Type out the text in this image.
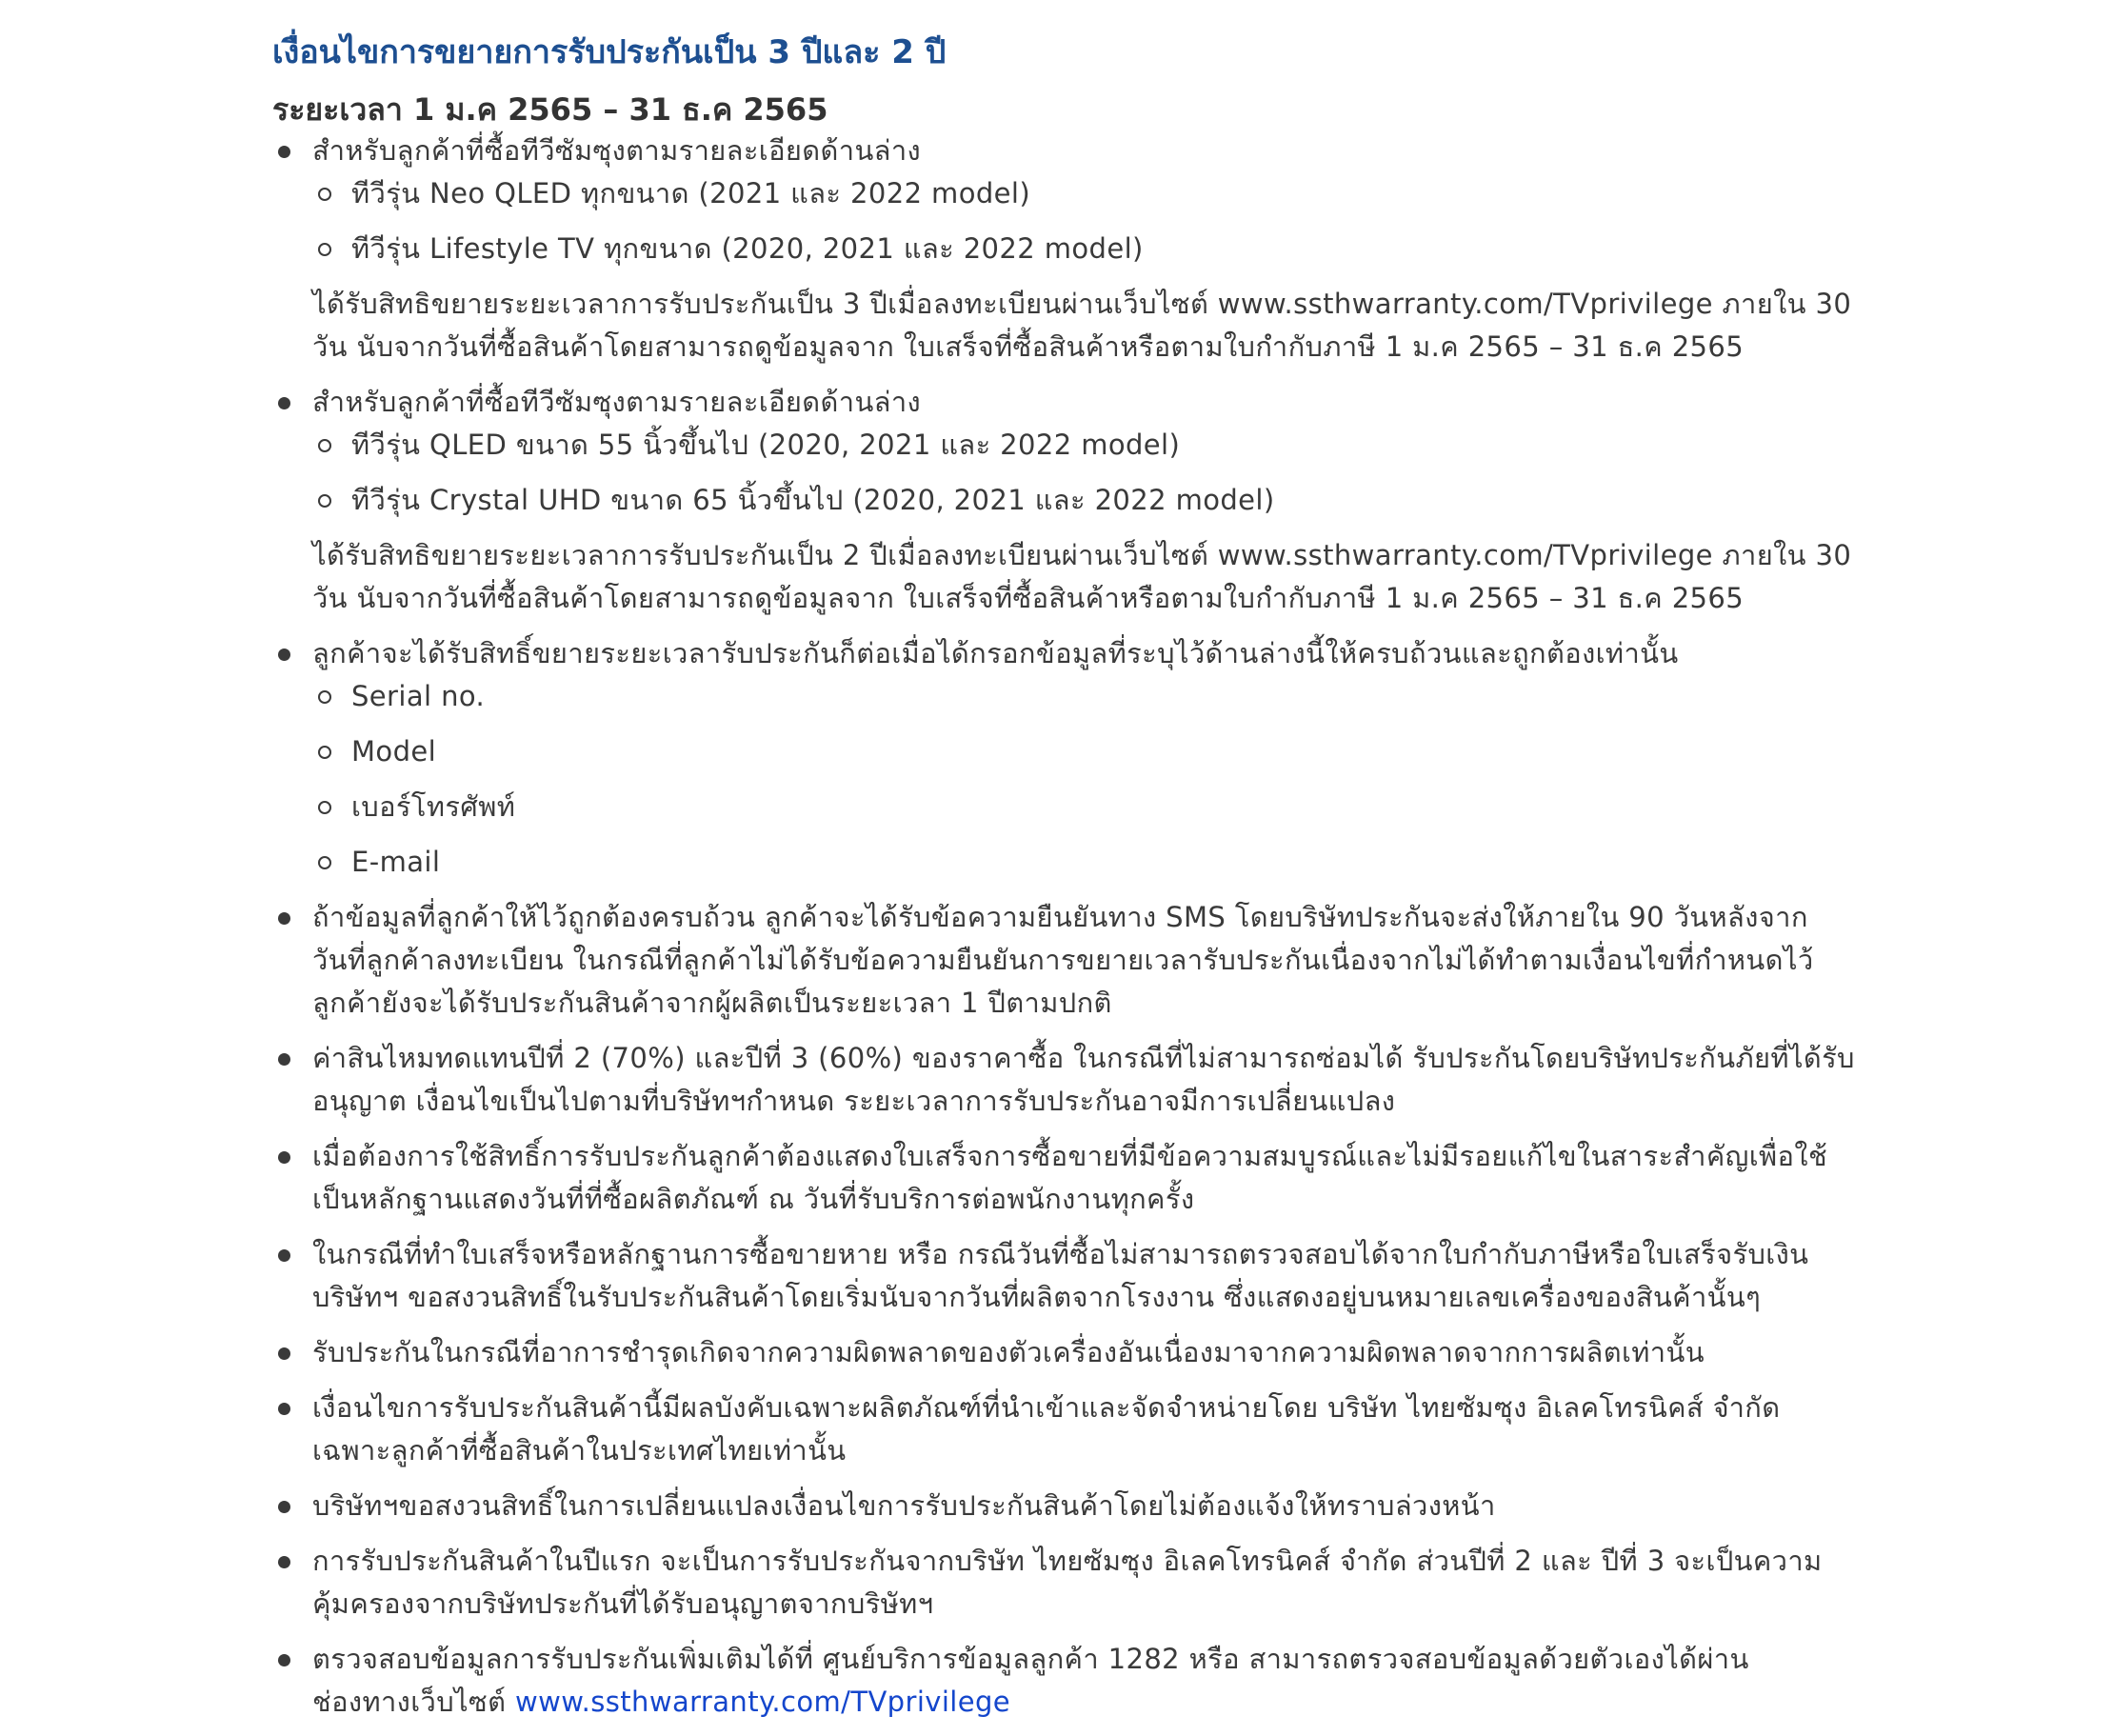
เงื่อนไขการขยายการรับประกันเป็น 3 ปีและ 2 ปี
ระยะเวลา 1 ม.ค 2565 – 31 ธ.ค 2565
สำหรับลูกค้าที่ซื้อทีวีซัมซุงตามรายละเอียดด้านล่าง
ทีวีรุ่น Neo QLED ทุกขนาด (2021 และ 2022 model)
ทีวีรุ่น Lifestyle TV ทุกขนาด (2020, 2021 และ 2022 model)
ได้รับสิทธิขยายระยะเวลาการรับประกันเป็น 3 ปีเมื่อลงทะเบียนผ่านเว็บไซต์ www.ssthwarranty.com/TVprivilege ภายใน 30
วัน นับจากวันที่ซื้อสินค้าโดยสามารถดูข้อมูลจาก ใบเสร็จที่ซื้อสินค้าหรือตามใบกำกับภาษี 1 ม.ค 2565 – 31 ธ.ค 2565
สำหรับลูกค้าที่ซื้อทีวีซัมซุงตามรายละเอียดด้านล่าง
ทีวีรุ่น QLED ขนาด 55 นิ้วขึ้นไป (2020, 2021 และ 2022 model)
ทีวีรุ่น Crystal UHD ขนาด 65 นิ้วขึ้นไป (2020, 2021 และ 2022 model)
ได้รับสิทธิขยายระยะเวลาการรับประกันเป็น 2 ปีเมื่อลงทะเบียนผ่านเว็บไซต์ www.ssthwarranty.com/TVprivilege ภายใน 30
วัน นับจากวันที่ซื้อสินค้าโดยสามารถดูข้อมูลจาก ใบเสร็จที่ซื้อสินค้าหรือตามใบกำกับภาษี 1 ม.ค 2565 – 31 ธ.ค 2565
ลูกค้าจะได้รับสิทธิ์ขยายระยะเวลารับประกันก็ต่อเมื่อได้กรอกข้อมูลที่ระบุไว้ด้านล่างนี้ให้ครบถ้วนและถูกต้องเท่านั้น
Serial no.
Model
เบอร์โทรศัพท์
E-mail
ถ้าข้อมูลที่ลูกค้าให้ไว้ถูกต้องครบถ้วน ลูกค้าจะได้รับข้อความยืนยันทาง SMS โดยบริษัทประกันจะส่งให้ภายใน 90 วันหลังจาก
วันที่ลูกค้าลงทะเบียน ในกรณีที่ลูกค้าไม่ได้รับข้อความยืนยันการขยายเวลารับประกันเนื่องจากไม่ได้ทำตามเงื่อนไขที่กำหนดไว้
ลูกค้ายังจะได้รับประกันสินค้าจากผู้ผลิตเป็นระยะเวลา 1 ปีตามปกติ
ค่าสินไหมทดแทนปีที่ 2 (70%) และปีที่ 3 (60%) ของราคาซื้อ ในกรณีที่ไม่สามารถซ่อมได้ รับประกันโดยบริษัทประกันภัยที่ได้รับ
อนุญาต เงื่อนไขเป็นไปตามที่บริษัทฯกำหนด ระยะเวลาการรับประกันอาจมีการเปลี่ยนแปลง
เมื่อต้องการใช้สิทธิ์การรับประกันลูกค้าต้องแสดงใบเสร็จการซื้อขายที่มีข้อความสมบูรณ์และไม่มีรอยแก้ไขในสาระสำคัญเพื่อใช้
เป็นหลักฐานแสดงวันที่ที่ซื้อผลิตภัณฑ์ ณ วันที่รับบริการต่อพนักงานทุกครั้ง
ในกรณีที่ทำใบเสร็จหรือหลักฐานการซื้อขายหาย หรือ กรณีวันที่ซื้อไม่สามารถตรวจสอบได้จากใบกำกับภาษีหรือใบเสร็จรับเงิน
บริษัทฯ ขอสงวนสิทธิ์ในรับประกันสินค้าโดยเริ่มนับจากวันที่ผลิตจากโรงงาน ซึ่งแสดงอยู่บนหมายเลขเครื่องของสินค้านั้นๆ
รับประกันในกรณีที่อาการชำรุดเกิดจากความผิดพลาดของตัวเครื่องอันเนื่องมาจากความผิดพลาดจากการผลิตเท่านั้น
เงื่อนไขการรับประกันสินค้านี้มีผลบังคับเฉพาะผลิตภัณฑ์ที่นำเข้าและจัดจำหน่ายโดย บริษัท ไทยซัมซุง อิเลคโทรนิคส์ จำกัด
เฉพาะลูกค้าที่ซื้อสินค้าในประเทศไทยเท่านั้น
บริษัทฯขอสงวนสิทธิ์ในการเปลี่ยนแปลงเงื่อนไขการรับประกันสินค้าโดยไม่ต้องแจ้งให้ทราบล่วงหน้า
การรับประกันสินค้าในปีแรก จะเป็นการรับประกันจากบริษัท ไทยซัมซุง อิเลคโทรนิคส์ จำกัด ส่วนปีที่ 2 และ ปีที่ 3 จะเป็นความ
คุ้มครองจากบริษัทประกันที่ได้รับอนุญาตจากบริษัทฯ
ตรวจสอบข้อมูลการรับประกันเพิ่มเติมได้ที่ ศูนย์บริการข้อมูลลูกค้า 1282 หรือ สามารถตรวจสอบข้อมูลด้วยตัวเองได้ผ่าน
ช่องทางเว็บไซต์ www.ssthwarranty.com/TVprivilege
